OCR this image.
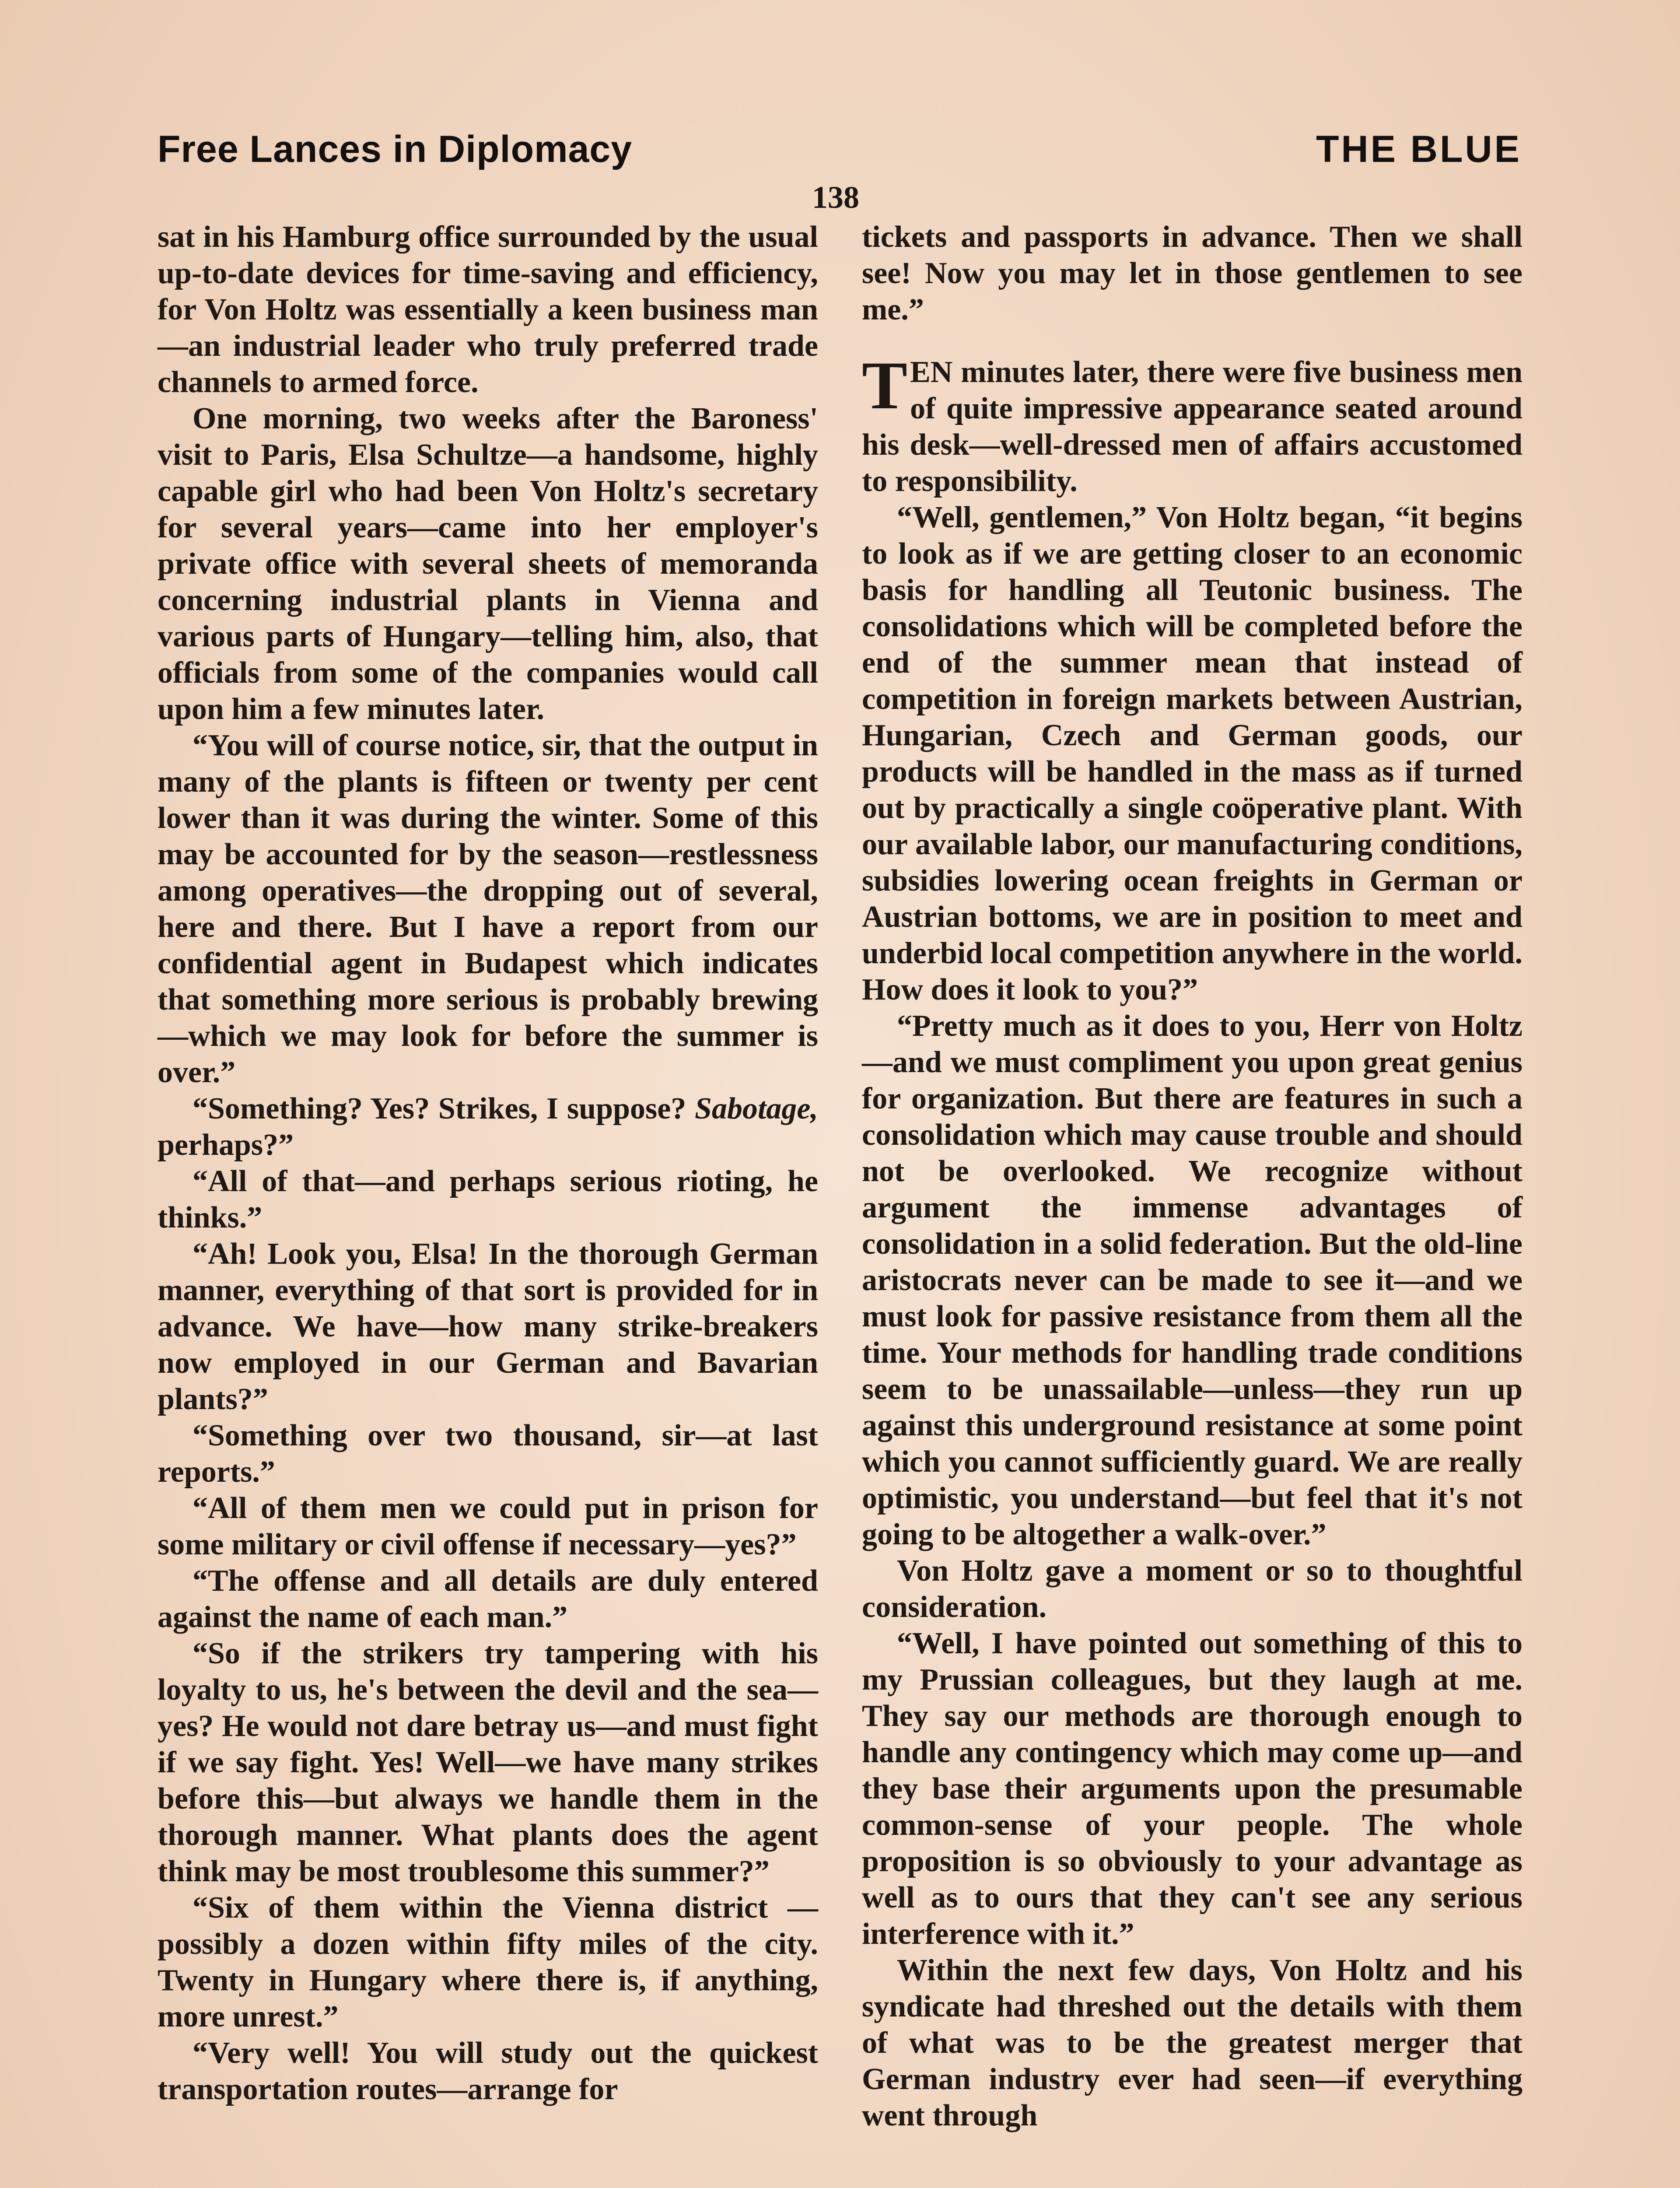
Free Lances in Diplomacy	THE BLUE
138

sat in his Hamburg office surrounded by the usual up-to-date devices for time-saving and efficiency, for Von Holtz was essentially a keen business man—an industrial leader who truly preferred trade channels to armed force.

One morning, two weeks after the Baroness' visit to Paris, Elsa Schultze—a handsome, highly capable girl who had been Von Holtz's secretary for several years—came into her employer's private office with several sheets of memoranda concerning industrial plants in Vienna and various parts of Hungary—telling him, also, that officials from some of the companies would call upon him a few minutes later.

“You will of course notice, sir, that the output in many of the plants is fifteen or twenty per cent lower than it was during the winter. Some of this may be accounted for by the season—restlessness among operatives—the dropping out of several, here and there. But I have a report from our confidential agent in Budapest which indicates that something more serious is probably brewing—which we may look for before the summer is over.”

“Something? Yes? Strikes, I suppose? Sabotage, perhaps?”

“All of that—and perhaps serious rioting, he thinks.”

“Ah! Look you, Elsa! In the thorough German manner, everything of that sort is provided for in advance. We have—how many strike-breakers now employed in our German and Bavarian plants?”

“Something over two thousand, sir—at last reports.”

“All of them men we could put in prison for some military or civil offense if necessary—yes?”

“The offense and all details are duly entered against the name of each man.”

“So if the strikers try tampering with his loyalty to us, he's between the devil and the sea—yes? He would not dare betray us—and must fight if we say fight. Yes! Well—we have many strikes before this—but always we handle them in the thorough manner. What plants does the agent think may be most troublesome this summer?”

“Six of them within the Vienna district —possibly a dozen within fifty miles of the city. Twenty in Hungary where there is, if anything, more unrest.”

“Very well! You will study out the quickest transportation routes—arrange for

tickets and passports in advance. Then we shall see! Now you may let in those gentlemen to see me.”

TEN minutes later, there were five business men of quite impressive appearance seated around his desk—well-dressed men of affairs accustomed to responsibility.

“Well, gentlemen,” Von Holtz began, “it begins to look as if we are getting closer to an economic basis for handling all Teutonic business. The consolidations which will be completed before the end of the summer mean that instead of competition in foreign markets between Austrian, Hungarian, Czech and German goods, our products will be handled in the mass as if turned out by practically a single coöperative plant. With our available labor, our manufacturing conditions, subsidies lowering ocean freights in German or Austrian bottoms, we are in position to meet and underbid local competition anywhere in the world. How does it look to you?”

“Pretty much as it does to you, Herr von Holtz—and we must compliment you upon great genius for organization. But there are features in such a consolidation which may cause trouble and should not be overlooked. We recognize without argument the immense advantages of consolidation in a solid federation. But the old-line aristocrats never can be made to see it—and we must look for passive resistance from them all the time. Your methods for handling trade conditions seem to be unassailable—unless—they run up against this underground resistance at some point which you cannot sufficiently guard. We are really optimistic, you understand—but feel that it's not going to be altogether a walk-over.”

Von Holtz gave a moment or so to thoughtful consideration.

“Well, I have pointed out something of this to my Prussian colleagues, but they laugh at me. They say our methods are thorough enough to handle any contingency which may come up—and they base their arguments upon the presumable common-sense of your people. The whole proposition is so obviously to your advantage as well as to ours that they can't see any serious interference with it.”

Within the next few days, Von Holtz and his syndicate had threshed out the details with them of what was to be the greatest merger that German industry ever had seen—if everything went through
